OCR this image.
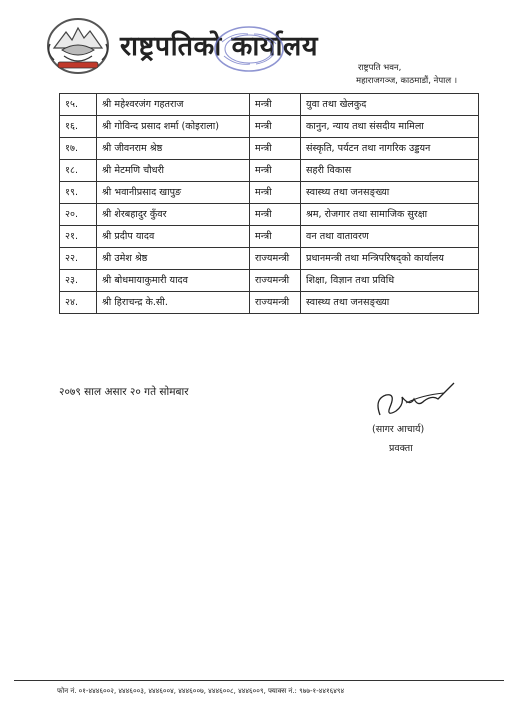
राष्ट्रपतिको कार्यालय
राष्ट्रपति भवन,
महाराजगञ्ज, काठमाडौं, नेपाल ।
१५.	श्री महेश्वरजंग गहतराज	मन्त्री	युवा तथा खेलकुद
१६.	श्री गोविन्द प्रसाद शर्मा (कोइराला)	मन्त्री	कानुन, न्याय तथा संसदीय मामिला
१७.	श्री जीवनराम श्रेष्ठ	मन्त्री	संस्कृति, पर्यटन तथा नागरिक उड्डयन
१८.	श्री मेटमणि चौधरी	मन्त्री	सहरी विकास
१९.	श्री भवानीप्रसाद खापुङ	मन्त्री	स्वास्थ्य तथा जनसङ्ख्या
२०.	श्री शेरबहादुर कुँवर	मन्त्री	श्रम, रोजगार तथा सामाजिक सुरक्षा
२१.	श्री प्रदीप यादव	मन्त्री	वन तथा वातावरण
२२.	श्री उमेश श्रेष्ठ	राज्यमन्त्री	प्रधानमन्त्री तथा मन्त्रिपरिषद्को कार्यालय
२३.	श्री बोधमायाकुमारी यादव	राज्यमन्त्री	शिक्षा, विज्ञान तथा प्रविधि
२४.	श्री हिराचन्द्र के.सी.	राज्यमन्त्री	स्वास्थ्य तथा जनसङ्ख्या
२०७९ साल असार २० गते सोमबार
(सागर आचार्य)
प्रवक्ता
फोन नं. ०१-४४४६००२, ४४४६००३, ४४४६००४, ४४४६००७, ४४४६००८, ४४४६००९, फ्याक्स नं.: ९७७-१-४४१६४९४
